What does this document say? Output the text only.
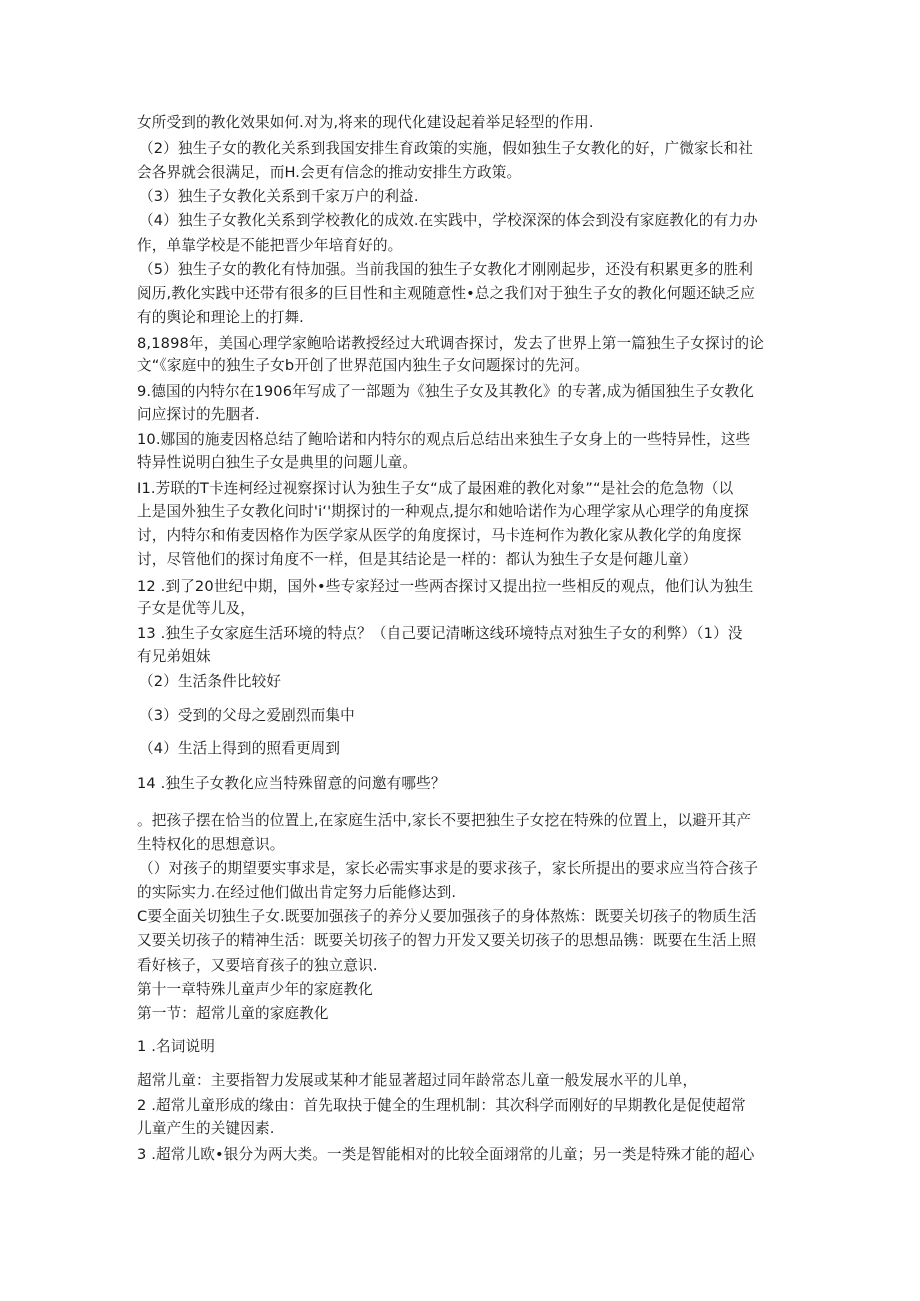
女所受到的教化效果如何.对为,将来的现代化建设起着举足轻型的作用.
（2）独生子女的教化关系到我国安排生育政策的实施，假如独生子女教化的好，广微家长和社
会各界就会很满足，而H.会更有信念的推动安排生方政策。
（3）独生子女教化关系到千家万户的利益.
（4）独生子女教化关系到学校教化的成效.在实践中，学校深深的体会到没有家庭教化的有力办
作，单靠学校是不能把晋少年培育好的。
（5）独生子女的教化有恃加强。当前我国的独生子女教化才刚刚起步，还没有积累更多的胜利
阅历,教化实践中还带有很多的巨目性和主观随意性•总之我们对于独生子女的教化何题还缺乏应
有的舆论和理论上的打舞.
8,1898年，美国心理学家鲍哈诺教授经过大玳调杳探讨，发去了世界上第一篇独生子女探讨的论
文“《家庭中的独生子女b开创了世界范国内独生子女问题探讨的先河。
9.德国的内特尔在1906年写成了一部题为《独生子女及其教化》的专著,成为循国独生子女教化
问应探讨的先胭者.
10.娜国的施麦因格总结了鲍哈诺和内特尔的观点后总结出来独生子女身上的一些特异性，这些
特异性说明白独生子女是典里的问题儿童。
I1.芳联的T卡连柯经过视察探讨认为独生子女“成了最困难的教化对象”“是社会的危急物（以
上是国外独生子女教化问时'i‘'期探讨的一种观点,提尔和她哈诺作为心理学家从心理学的角度探
讨，内特尔和侑麦因格作为医学家从医学的角度探讨，马卡连柯作为教化家从教化学的角度探
讨，尽管他们的探讨角度不一样，但是其结论是一样的：都认为独生子女是何趣儿童）
12 .到了20世纪中期，国外•些专家羟过一些两杏探讨又提出拉一些相反的观点，他们认为独生
子女是优等儿及，
13 .独生子女家庭生活环境的特点？（自己要记清晰这线环境特点对独生子女的利弊）（1）没
有兄弟姐妹
（2）生活条件比较好
（3）受到的父母之爱剧烈而集中
（4）生活上得到的照看更周到
14 .独生子女教化应当特殊留意的问邀有哪些？
。把孩子摆在恰当的位置上,在家庭生活中,家长不要把独生子女挖在特殊的位置上，以避开其产
生特权化的思想意识。
（）对孩子的期望要实事求是，家长必需实事求是的要求孩子，家长所提出的要求应当符合孩子
的实际实力.在经过他们做出肯定努力后能修达到.
C要全面关切独生子女.既要加强孩子的养分乂要加强孩子的身体熬炼：既要关切孩子的物质生活
又要关切孩子的精神生活：既要关切孩子的智力开发又要关切孩子的思想品镌：既要在生活上照
看好核子，又要培育孩子的独立意识.
第十一章特殊儿童声少年的家庭教化
第一节：超常儿童的家庭教化
1 .名词说明
超常儿童：主要指智力发展或某种才能显著超过同年龄常态儿童一般发展水平的儿单，
2 .超常儿童形成的缘由：首先取抉于健全的生理机制：其次科学而刚好的早期教化是促使超常
儿童产生的关键因素.
3 .超常儿欧•银分为两大类。一类是智能相对的比较全面翊常的儿童；另一类是特殊才能的超心
